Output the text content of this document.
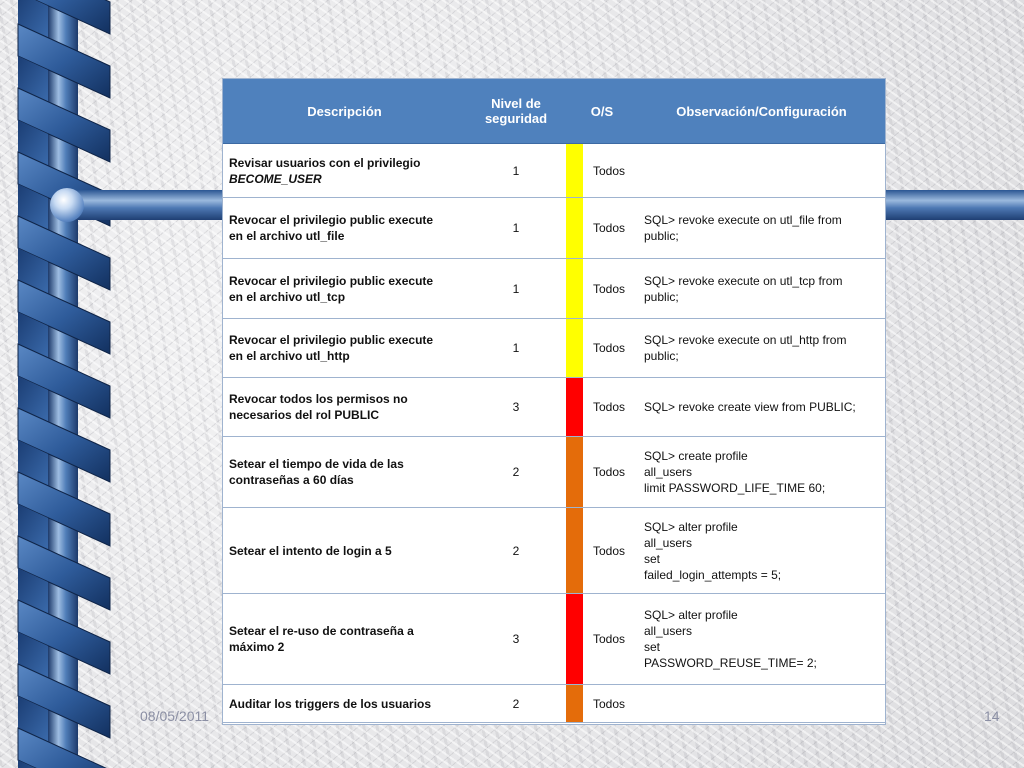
Descripción	Nivel de
seguridad	O/S		Observación/Configuración

Revisar usuarios con el privilegio
BECOME_USER	1		Todos	

Revocar el privilegio public execute
en el archivo utl_file	1		Todos	SQL> revoke execute on utl_file from
public;

Revocar el privilegio public execute
en el archivo utl_tcp	1		Todos	SQL> revoke execute on utl_tcp from
public;

Revocar el privilegio public execute
en el archivo utl_http	1		Todos	SQL> revoke execute on utl_http from
public;

Revocar todos los permisos no
necesarios del rol PUBLIC	3		Todos	SQL> revoke create view from PUBLIC;

Setear el tiempo de vida de las
contraseñas a 60 días	2		Todos	SQL> create profile
all_users
limit PASSWORD_LIFE_TIME 60;

Setear el intento de login a 5	2		Todos	SQL> alter profile
all_users
set
failed_login_attempts = 5;

Setear el re-uso de contraseña a
máximo 2	3		Todos	SQL> alter profile
all_users
set
PASSWORD_REUSE_TIME= 2;

Auditar los triggers de los usuarios	2		Todos	
08/05/2011	14
